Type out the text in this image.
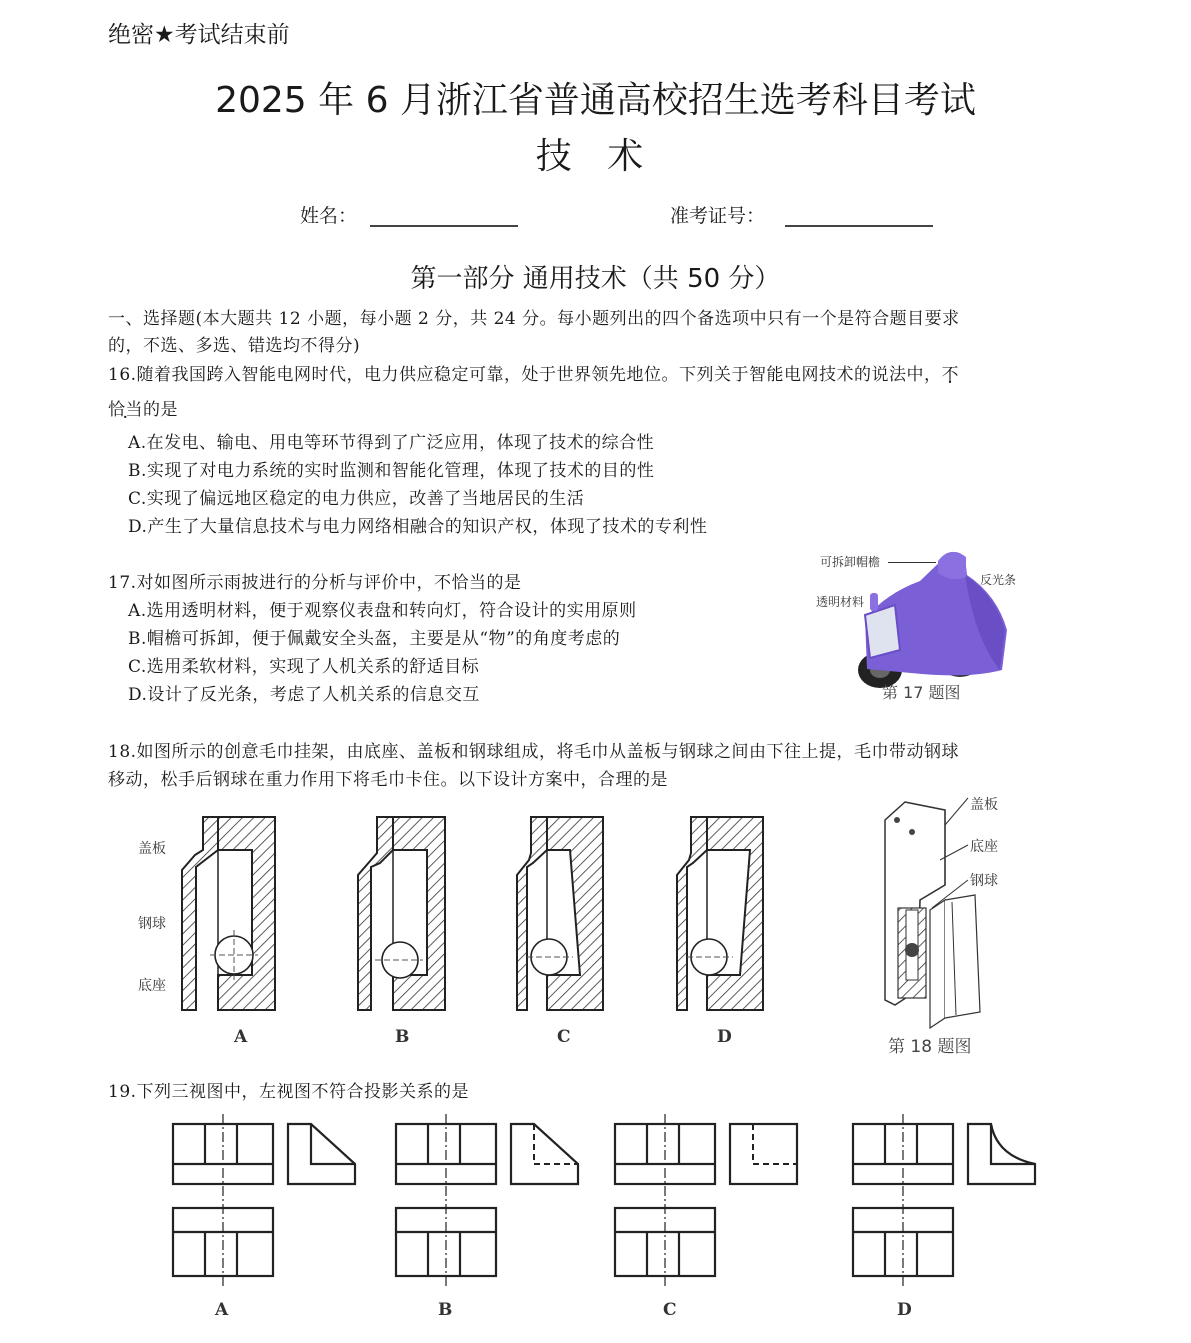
绝密★考试结束前
2025 年 6 月浙江省普通高校招生选考科目考试
技 术
姓名：	准考证号：
第一部分 通用技术（共 50 分）
一、选择题(本大题共 12 小题，每小题 2 分，共 24 分。每小题列出的四个备选项中只有一个是符合题目要求
的，不选、多选、错选均不得分)
16.随着我国跨入智能电网时代，电力供应稳定可靠，处于世界领先地位。下列关于智能电网技术的说法中，不
恰当的是
A.在发电、输电、用电等环节得到了广泛应用，体现了技术的综合性
B.实现了对电力系统的实时监测和智能化管理，体现了技术的目的性
C.实现了偏远地区稳定的电力供应，改善了当地居民的生活
D.产生了大量信息技术与电力网络相融合的知识产权，体现了技术的专利性
17.对如图所示雨披进行的分析与评价中，不恰当的是
A.选用透明材料，便于观察仪表盘和转向灯，符合设计的实用原则
B.帽檐可拆卸，便于佩戴安全头盔，主要是从“物”的角度考虑的
C.选用柔软材料，实现了人机关系的舒适目标
D.设计了反光条，考虑了人机关系的信息交互
可拆卸帽檐
反光条
透明材料
第 17 题图
18.如图所示的创意毛巾挂架，由底座、盖板和钢球组成，将毛巾从盖板与钢球之间由下往上提，毛巾带动钢球
移动，松手后钢球在重力作用下将毛巾卡住。以下设计方案中，合理的是
盖板
钢球
底座
A	B	C	D
盖板
底座
钢球
第 18 题图
19.下列三视图中，左视图不符合投影关系的是
A	B	C	D
